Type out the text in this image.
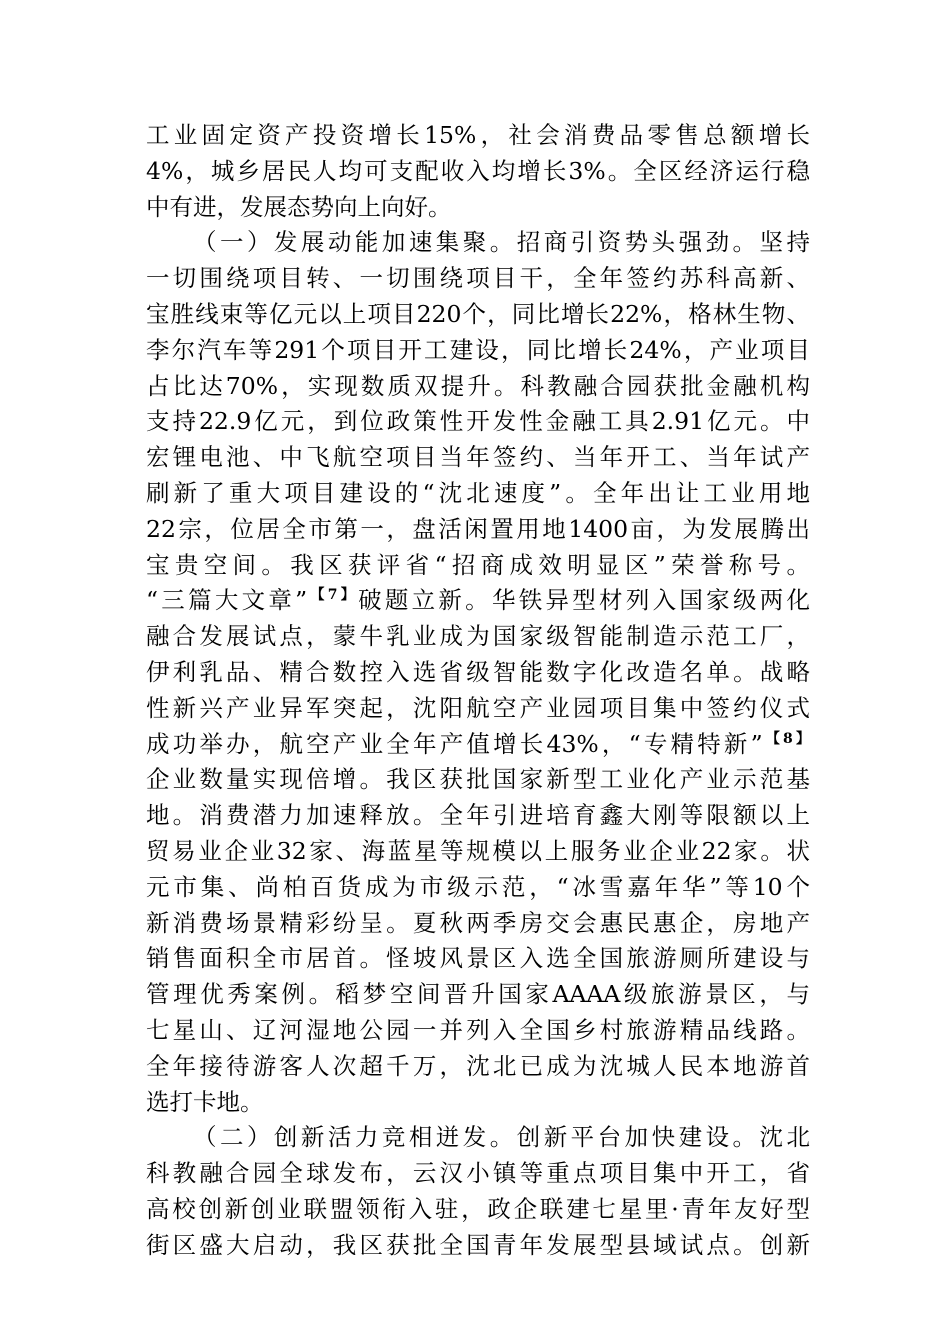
工业固定资产投资增长15%，社会消费品零售总额增长
4%，城乡居民人均可支配收入均增长3%。全区经济运行稳
中有进，发展态势向上向好。
（一）发展动能加速集聚。招商引资势头强劲。坚持
一切围绕项目转、一切围绕项目干，全年签约苏科高新、
宝胜线束等亿元以上项目220个，同比增长22%，格林生物、
李尔汽车等291个项目开工建设，同比增长24%，产业项目
占比达70%，实现数质双提升。科教融合园获批金融机构
支持22.9亿元，到位政策性开发性金融工具2.91亿元。中
宏锂电池、中飞航空项目当年签约、当年开工、当年试产
刷新了重大项目建设的“沈北速度”。全年出让工业用地
22宗，位居全市第一，盘活闲置用地1400亩，为发展腾出
宝贵空间。我区获评省“招商成效明显区”荣誉称号。
“三篇大文章”$^{【7】}$破题立新。华铁异型材列入国家级两化
融合发展试点，蒙牛乳业成为国家级智能制造示范工厂，
伊利乳品、精合数控入选省级智能数字化改造名单。战略
性新兴产业异军突起，沈阳航空产业园项目集中签约仪式
成功举办，航空产业全年产值增长43%，“专精特新”$^{【8】}$
企业数量实现倍增。我区获批国家新型工业化产业示范基
地。消费潜力加速释放。全年引进培育鑫大刚等限额以上
贸易业企业32家、海蓝星等规模以上服务业企业22家。状
元市集、尚柏百货成为市级示范，“冰雪嘉年华”等10个
新消费场景精彩纷呈。夏秋两季房交会惠民惠企，房地产
销售面积全市居首。怪坡风景区入选全国旅游厕所建设与
管理优秀案例。稻梦空间晋升国家AAAA级旅游景区，与
七星山、辽河湿地公园一并列入全国乡村旅游精品线路。
全年接待游客人次超千万，沈北已成为沈城人民本地游首
选打卡地。
（二）创新活力竞相迸发。创新平台加快建设。沈北
科教融合园全球发布，云汉小镇等重点项目集中开工，省
高校创新创业联盟领衔入驻，政企联建七星里·青年友好型
街区盛大启动，我区获批全国青年发展型县域试点。创新
